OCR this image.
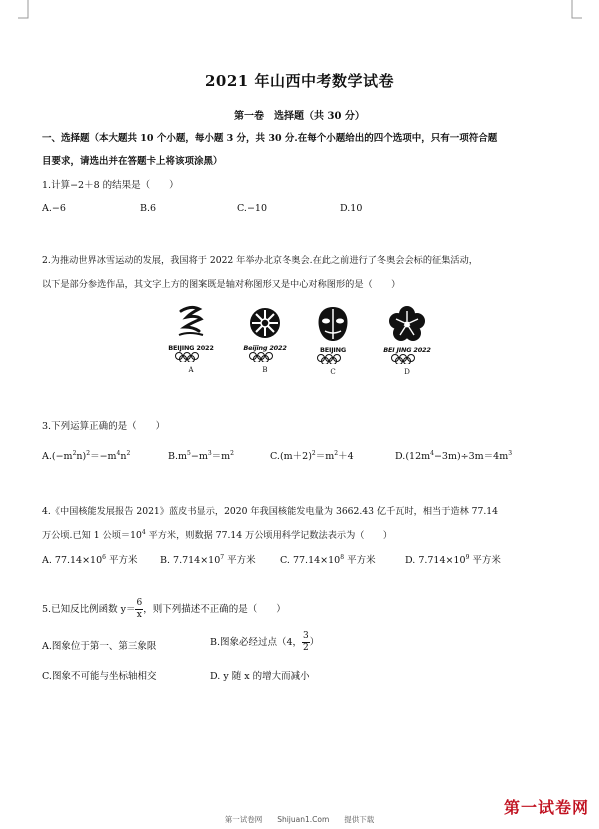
2021 年山西中考数学试卷
第一卷　选择题（共 30 分）
一、选择题（本大题共 10 个小题，每小题 3 分，共 30 分.在每个小题给出的四个选项中，只有一项符合题
目要求，请选出并在答题卡上将该项涂黑）
1.计算−2＋8 的结果是（　　）
A.−6	B.6	C.−10	D.10
2.为推动世界冰雪运动的发展，我国将于 2022 年举办北京冬奥会.在此之前进行了冬奥会会标的征集活动，
以下是部分参选作品，其文字上方的图案既是轴对称图形又是中心对称图形的是（　　）
BEIJING 2022
A
Beijing 2022
B
BEIJING
C
BEI JING 2022
D
3.下列运算正确的是（　　）
$A.(-m^2n)^2=-m^4n^2$	$B.m^5-m^3=m^2$	$C.(m+2)^2=m^2+4$	$D.(12m^4-3m)\div 3m=4m^3$
4.《中国核能发展报告 2021》蓝皮书显示，2020 年我国核能发电量为 3662.43 亿千瓦时，相当于造林 77.14
万公顷.已知 1 公顷$=10^4$ 平方米，则数据 77.14 万公顷用科学记数法表示为（　　）
A. $77.14\times 10^6$ 平方米 B. $7.714\times 10^7$ 平方米	C. $77.14\times 10^8$ 平方米	D. $7.714\times 10^9$ 平方米
5.已知反比例函数 $y= \frac{6}{x}$ ，则下列描述不正确的是（　　）
A.图象位于第一、第三象限	B.图象必经过点（4， $\frac{3}{2}$ ）
C.图象不可能与坐标轴相交	D. y 随 x 的增大而减小
第一试卷网　　Shijuan1.Com　　提供下载
第一试卷网
